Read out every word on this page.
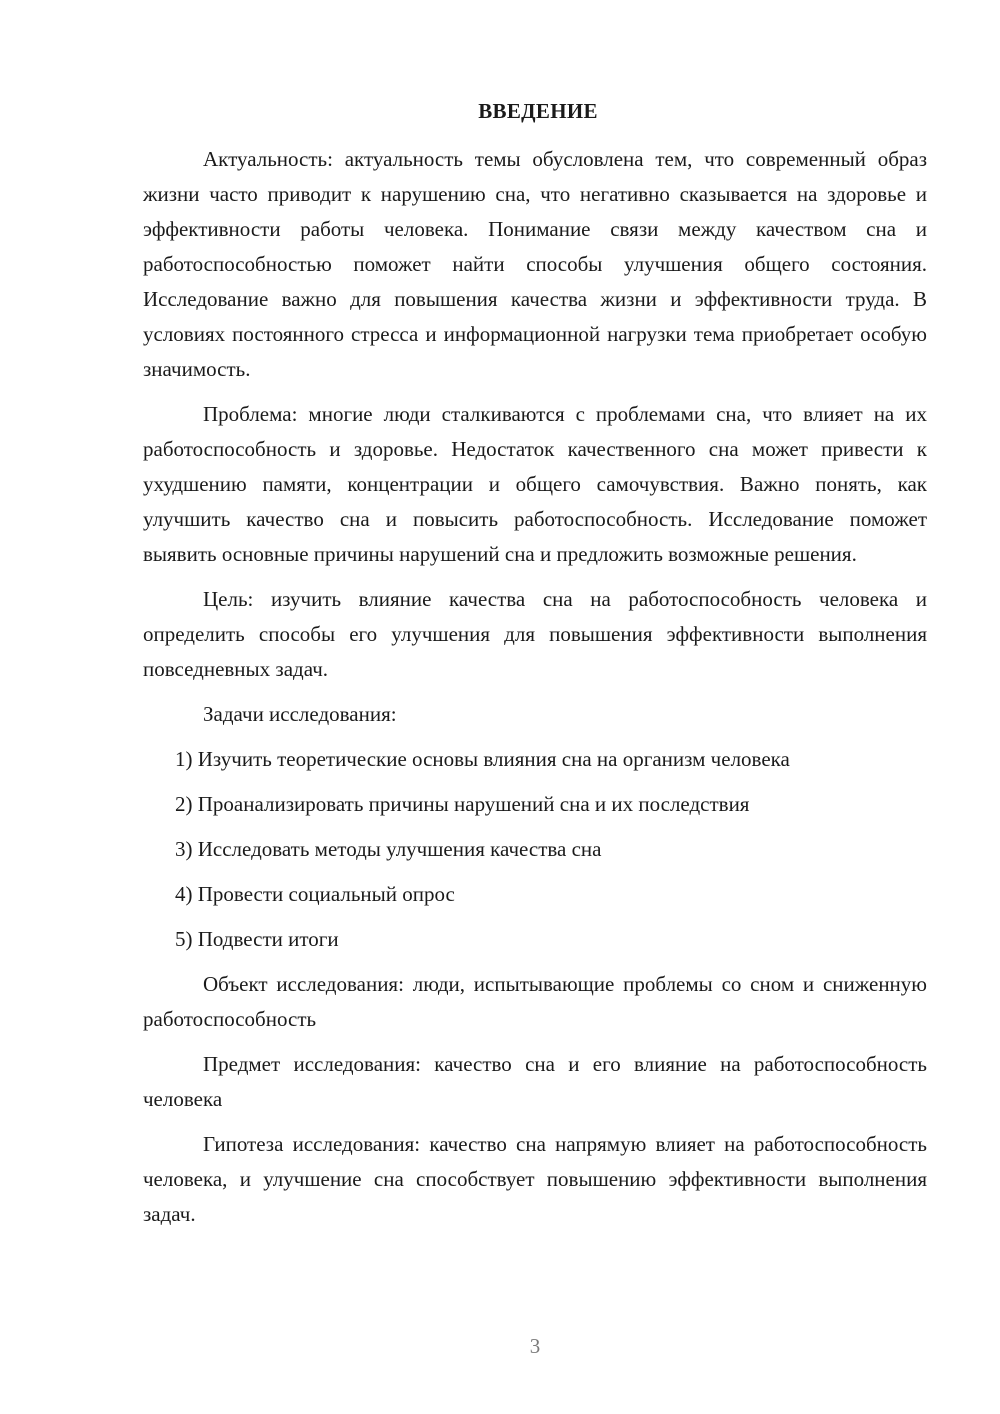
ВВЕДЕНИЕ

Актуальность: актуальность темы обусловлена тем, что современный образ жизни часто приводит к нарушению сна, что негативно сказывается на здоровье и эффективности работы человека. Понимание связи между качеством сна и работоспособностью поможет найти способы улучшения общего состояния. Исследование важно для повышения качества жизни и эффективности труда. В условиях постоянного стресса и информационной нагрузки тема приобретает особую значимость.

Проблема: многие люди сталкиваются с проблемами сна, что влияет на их работоспособность и здоровье. Недостаток качественного сна может привести к ухудшению памяти, концентрации и общего самочувствия. Важно понять, как улучшить качество сна и повысить работоспособность. Исследование поможет выявить основные причины нарушений сна и предложить возможные решения.

Цель: изучить влияние качества сна на работоспособность человека и определить способы его улучшения для повышения эффективности выполнения повседневных задач.

Задачи исследования:

1) Изучить теоретические основы влияния сна на организм человека
2) Проанализировать причины нарушений сна и их последствия
3) Исследовать методы улучшения качества сна
4) Провести социальный опрос
5) Подвести итоги

Объект исследования: люди, испытывающие проблемы со сном и сниженную работоспособность

Предмет исследования: качество сна и его влияние на работоспособность человека

Гипотеза исследования: качество сна напрямую влияет на работоспособность человека, и улучшение сна способствует повышению эффективности выполнения задач.

3
